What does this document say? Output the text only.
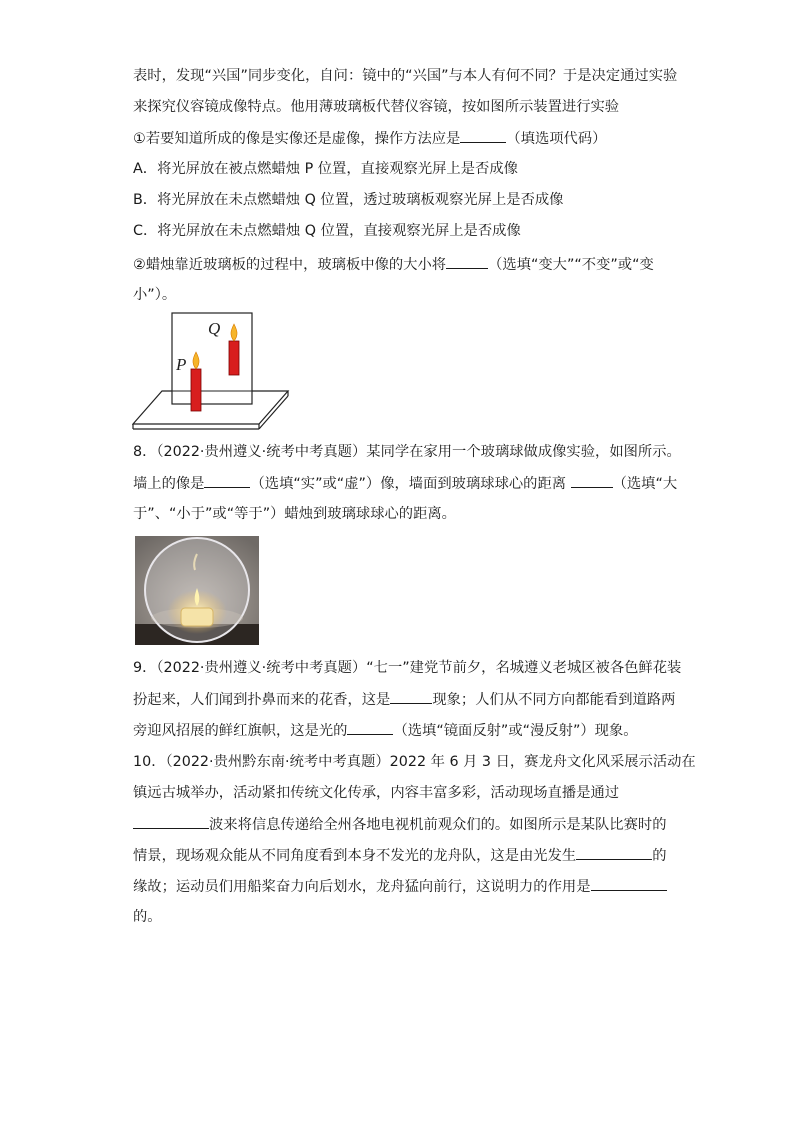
表时，发现“兴国”同步变化，自问：镜中的“兴国”与本人有何不同？于是决定通过实验
来探究仪容镜成像特点。他用薄玻璃板代替仪容镜，按如图所示装置进行实验
①若要知道所成的像是实像还是虚像，操作方法应是	（填选项代码）
A．将光屏放在被点燃蜡烛 P 位置，直接观察光屏上是否成像
B．将光屏放在未点燃蜡烛 Q 位置，透过玻璃板观察光屏上是否成像
C．将光屏放在未点燃蜡烛 Q 位置，直接观察光屏上是否成像
②蜡烛靠近玻璃板的过程中，玻璃板中像的大小将	（选填“变大”“不变”或“变
小”）。
Q
P
8．（2022·贵州遵义·统考中考真题）某同学在家用一个玻璃球做成像实验，如图所示。
墙上的像是	（选填“实”或“虚”）像，墙面到玻璃球球心的距离	（选填“大
于”、“小于”或“等于”）蜡烛到玻璃球球心的距离。
9．（2022·贵州遵义·统考中考真题）“七一”建党节前夕，名城遵义老城区被各色鲜花装
扮起来，人们闻到扑鼻而来的花香，这是	现象；人们从不同方向都能看到道路两
旁迎风招展的鲜红旗帜，这是光的	（选填“镜面反射”或“漫反射”）现象。
10．（2022·贵州黔东南·统考中考真题）2022 年 6 月 3 日，赛龙舟文化风采展示活动在
镇远古城举办，活动紧扣传统文化传承，内容丰富多彩，活动现场直播是通过
波来将信息传递给全州各地电视机前观众们的。如图所示是某队比赛时的
情景，现场观众能从不同角度看到本身不发光的龙舟队，这是由光发生	的
缘故；运动员们用船桨奋力向后划水，龙舟猛向前行，这说明力的作用是
的。
